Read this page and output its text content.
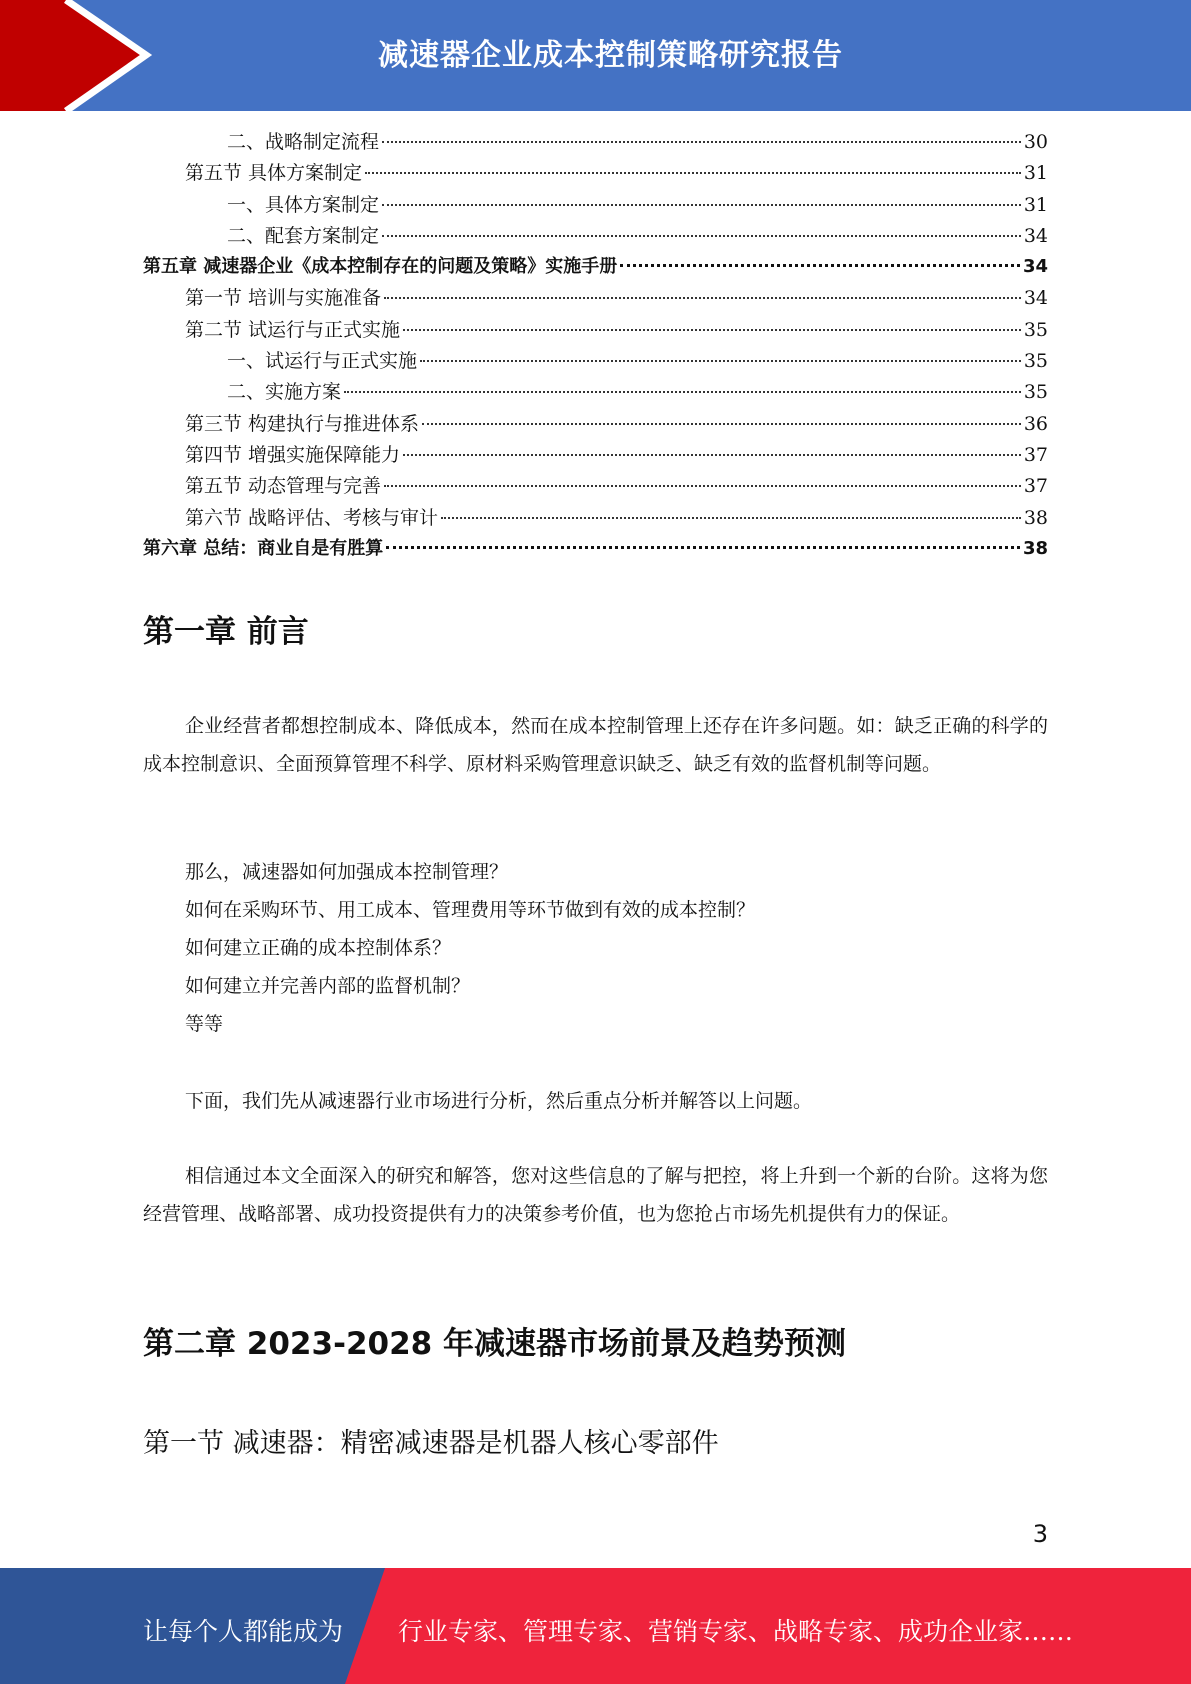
减速器企业成本控制策略研究报告
二、战略制定流程	30
第五节 具体方案制定	31
一、具体方案制定	31
二、配套方案制定	34
第五章 减速器企业《成本控制存在的问题及策略》实施手册	34
第一节 培训与实施准备	34
第二节 试运行与正式实施	35
一、试运行与正式实施	35
二、实施方案	35
第三节 构建执行与推进体系	36
第四节 增强实施保障能力	37
第五节 动态管理与完善	37
第六节 战略评估、考核与审计	38
第六章 总结：商业自是有胜算	38
第一章 前言

企业经营者都想控制成本、降低成本，然而在成本控制管理上还存在许多问题。如：缺乏正确的科学的成本控制意识、全面预算管理不科学、原材料采购管理意识缺乏、缺乏有效的监督机制等问题。

那么，减速器如何加强成本控制管理？
如何在采购环节、用工成本、管理费用等环节做到有效的成本控制？
如何建立正确的成本控制体系？
如何建立并完善内部的监督机制？
等等

下面，我们先从减速器行业市场进行分析，然后重点分析并解答以上问题。

相信通过本文全面深入的研究和解答，您对这些信息的了解与把控，将上升到一个新的台阶。这将为您经营管理、战略部署、成功投资提供有力的决策参考价值，也为您抢占市场先机提供有力的保证。

第二章 2023-2028 年减速器市场前景及趋势预测
第一节 减速器：精密减速器是机器人核心零部件
3
让每个人都能成为 行业专家、管理专家、营销专家、战略专家、成功企业家……
